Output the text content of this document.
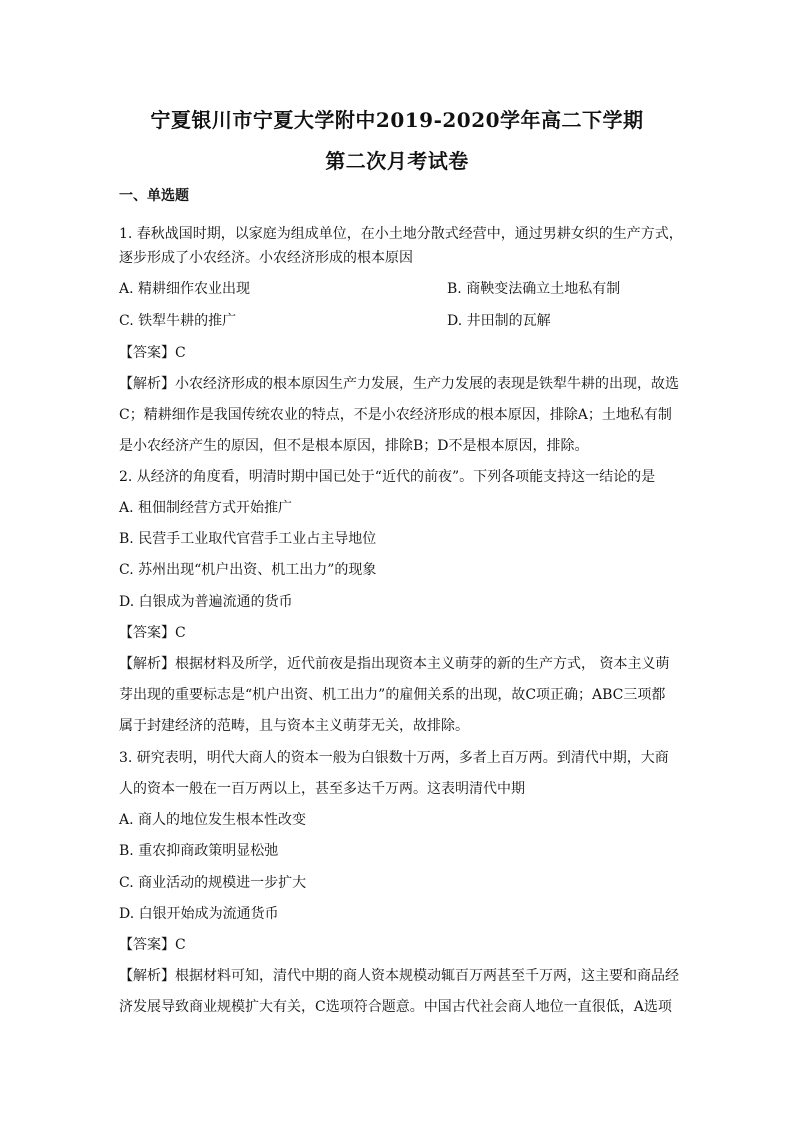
宁夏银川市宁夏大学附中2019-2020学年高二下学期
第二次月考试卷
一、单选题
1. 春秋战国时期，以家庭为组成单位，在小土地分散式经营中，通过男耕女织的生产方式，
逐步形成了小农经济。小农经济形成的根本原因
A. 精耕细作农业出现	B. 商鞅变法确立土地私有制
C. 铁犁牛耕的推广	D. 井田制的瓦解
【答案】C
【解析】小农经济形成的根本原因生产力发展，生产力发展的表现是铁犁牛耕的出现，故选
C；精耕细作是我国传统农业的特点，不是小农经济形成的根本原因，排除A；土地私有制
是小农经济产生的原因，但不是根本原因，排除B；D不是根本原因，排除。
2. 从经济的角度看，明清时期中国已处于“近代的前夜”。下列各项能支持这一结论的是
A. 租佃制经营方式开始推广
B. 民营手工业取代官营手工业占主导地位
C. 苏州出现“机户出资、机工出力”的现象
D. 白银成为普遍流通的货币
【答案】C
【解析】根据材料及所学，近代前夜是指出现资本主义萌芽的新的生产方式， 资本主义萌
芽出现的重要标志是“机户出资、机工出力”的雇佣关系的出现，故C项正确；ABC三项都
属于封建经济的范畴，且与资本主义萌芽无关，故排除。
3. 研究表明，明代大商人的资本一般为白银数十万两，多者上百万两。到清代中期，大商
人的资本一般在一百万两以上，甚至多达千万两。这表明清代中期
A. 商人的地位发生根本性改变
B. 重农抑商政策明显松弛
C. 商业活动的规模进一步扩大
D. 白银开始成为流通货币
【答案】C
【解析】根据材料可知，清代中期的商人资本规模动辄百万两甚至千万两，这主要和商品经
济发展导致商业规模扩大有关，C选项符合题意。中国古代社会商人地位一直很低，A选项
